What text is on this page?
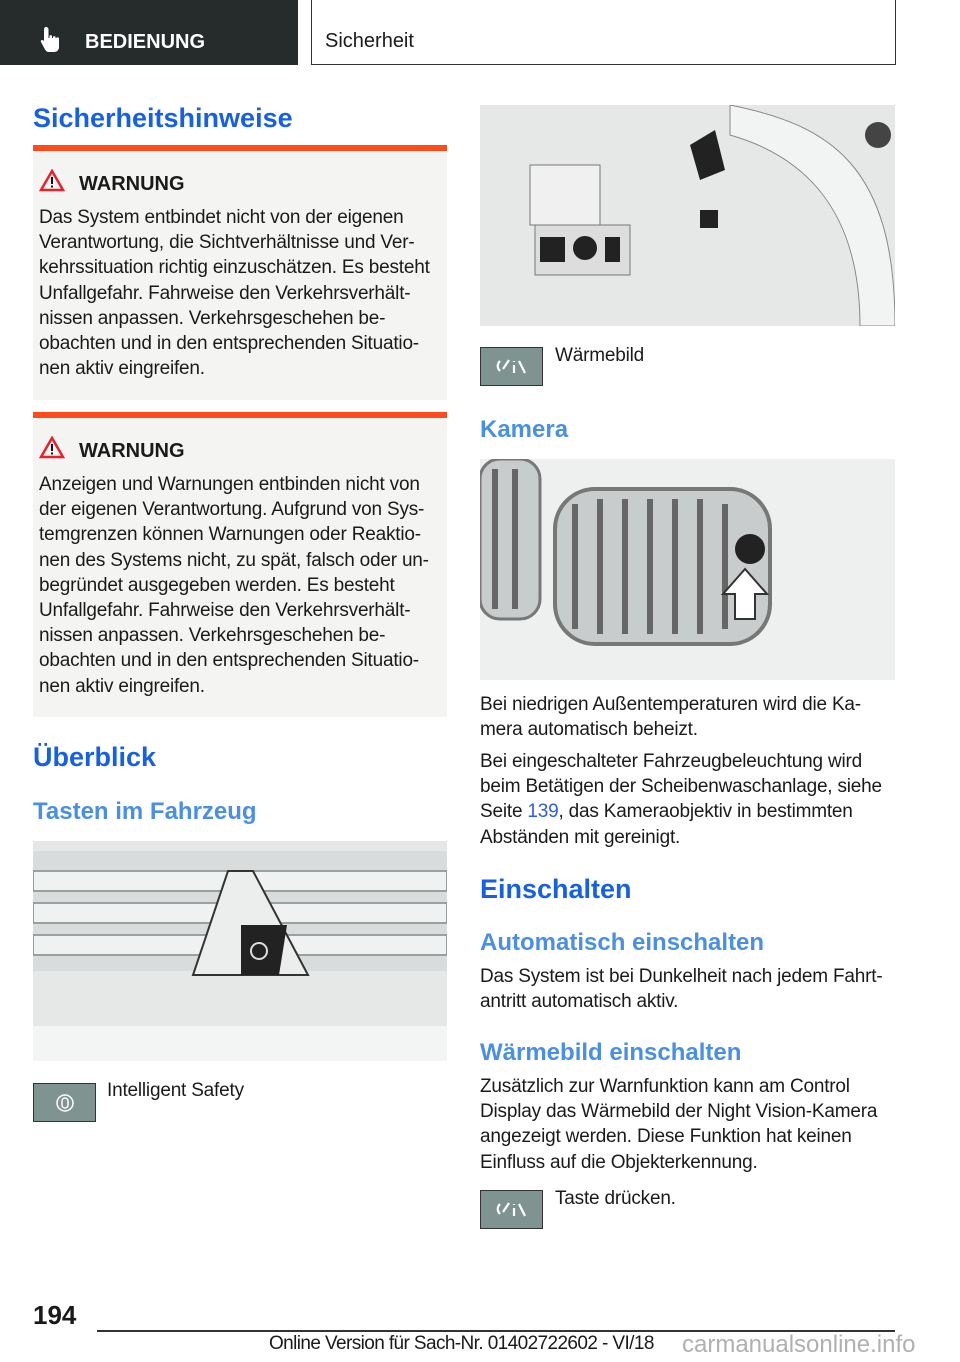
BEDIENUNG	Sicherheit
Sicherheitshinweise
WARNUNG
Das System entbindet nicht von der eigenen
Verantwortung, die Sichtverhältnisse und Ver-
kehrssituation richtig einzuschätzen. Es besteht
Unfallgefahr. Fahrweise den Verkehrsverhält-
nissen anpassen. Verkehrsgeschehen be-
obachten und in den entsprechenden Situatio-
nen aktiv eingreifen.
WARNUNG
Anzeigen und Warnungen entbinden nicht von
der eigenen Verantwortung. Aufgrund von Sys-
temgrenzen können Warnungen oder Reaktio-
nen des Systems nicht, zu spät, falsch oder un-
begründet ausgegeben werden. Es besteht
Unfallgefahr. Fahrweise den Verkehrsverhält-
nissen anpassen. Verkehrsgeschehen be-
obachten und in den entsprechenden Situatio-
nen aktiv eingreifen.
Überblick
Tasten im Fahrzeug
Intelligent Safety
Wärmebild
Kamera
Bei niedrigen Außentemperaturen wird die Ka-
mera automatisch beheizt.
Bei eingeschalteter Fahrzeugbeleuchtung wird
beim Betätigen der Scheibenwaschanlage, siehe
Seite 139, das Kameraobjektiv in bestimmten
Abständen mit gereinigt.
Einschalten
Automatisch einschalten
Das System ist bei Dunkelheit nach jedem Fahrt-
antritt automatisch aktiv.
Wärmebild einschalten
Zusätzlich zur Warnfunktion kann am Control
Display das Wärmebild der Night Vision-Kamera
angezeigt werden. Diese Funktion hat keinen
Einfluss auf die Objekterkennung.
Taste drücken.
194
Online Version für Sach-Nr. 01402722602 - VI/18 carmanualsonline.info
